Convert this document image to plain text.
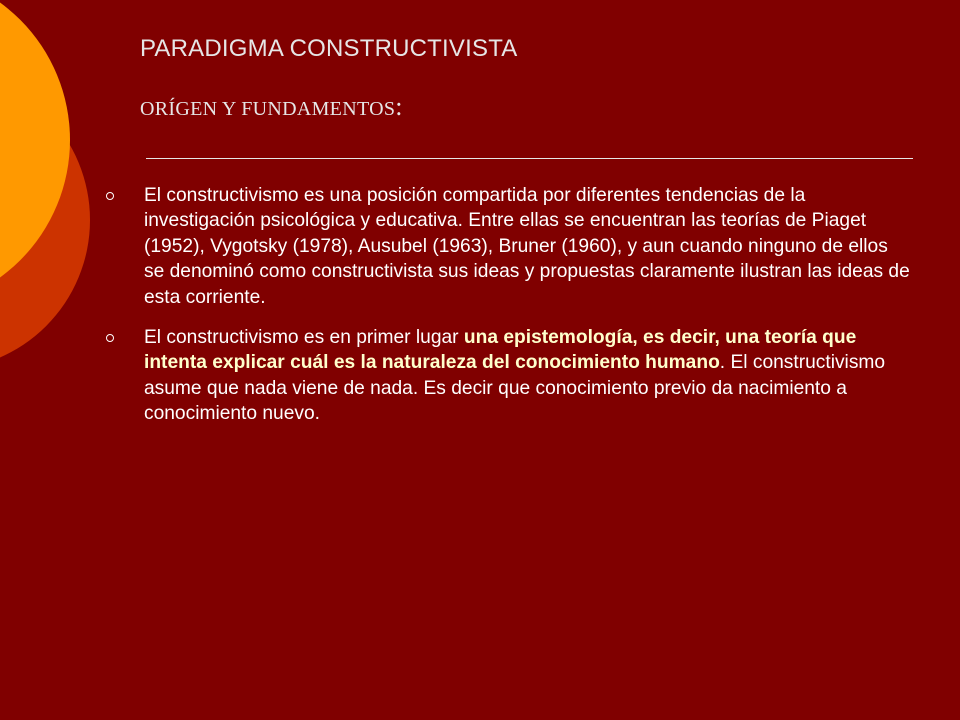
PARADIGMA CONSTRUCTIVISTA
ORÍGEN Y FUNDAMENTOS:
El constructivismo es una posición compartida por diferentes tendencias de la investigación psicológica y educativa. Entre ellas se encuentran las teorías de Piaget (1952), Vygotsky (1978), Ausubel (1963), Bruner (1960), y aun cuando ninguno de ellos se denominó como constructivista sus ideas y propuestas claramente ilustran las ideas de esta corriente.
El constructivismo es en primer lugar una epistemología, es decir, una teoría que intenta explicar cuál es la naturaleza del conocimiento humano. El constructivismo asume que nada viene de nada. Es decir que conocimiento previo da nacimiento a conocimiento nuevo.
